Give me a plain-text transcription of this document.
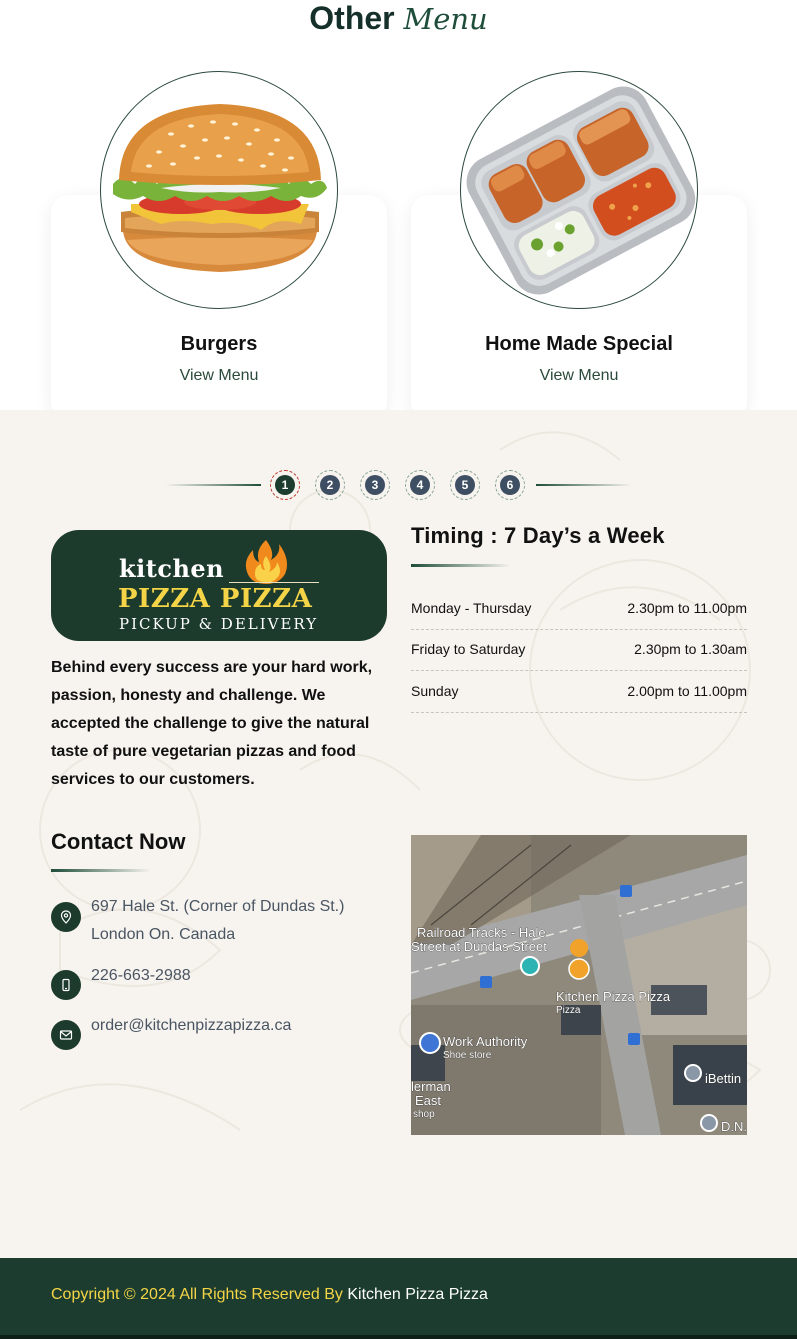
Other Menu
Burgers
View Menu
Home Made Special
View Menu
1	2	3	4	5	6
kitchen
PIZZA PIZZA
PICKUP & DELIVERY

Behind every success are your hard work, passion, honesty and challenge. We accepted the challenge to give the natural taste of pure vegetarian pizzas and food services to our customers.

Timing : 7 Day’s a Week
Monday - Thursday	2.30pm to 11.00pm
Friday to Saturday	2.30pm to 1.30am
Sunday	2.00pm to 11.00pm
Contact Now
697 Hale St. (Corner of Dundas St.) London On. Canada
226-663-2988
order@kitchenpizzapizza.ca
Railroad Tracks - Hale
Street at Dundas Street
Kitchen Pizza Pizza
Pizza
Work Authority
Shoe store
lerman
East
shop
iBettin
D.N.
Copyright © 2024 All Rights Reserved By Kitchen Pizza Pizza
